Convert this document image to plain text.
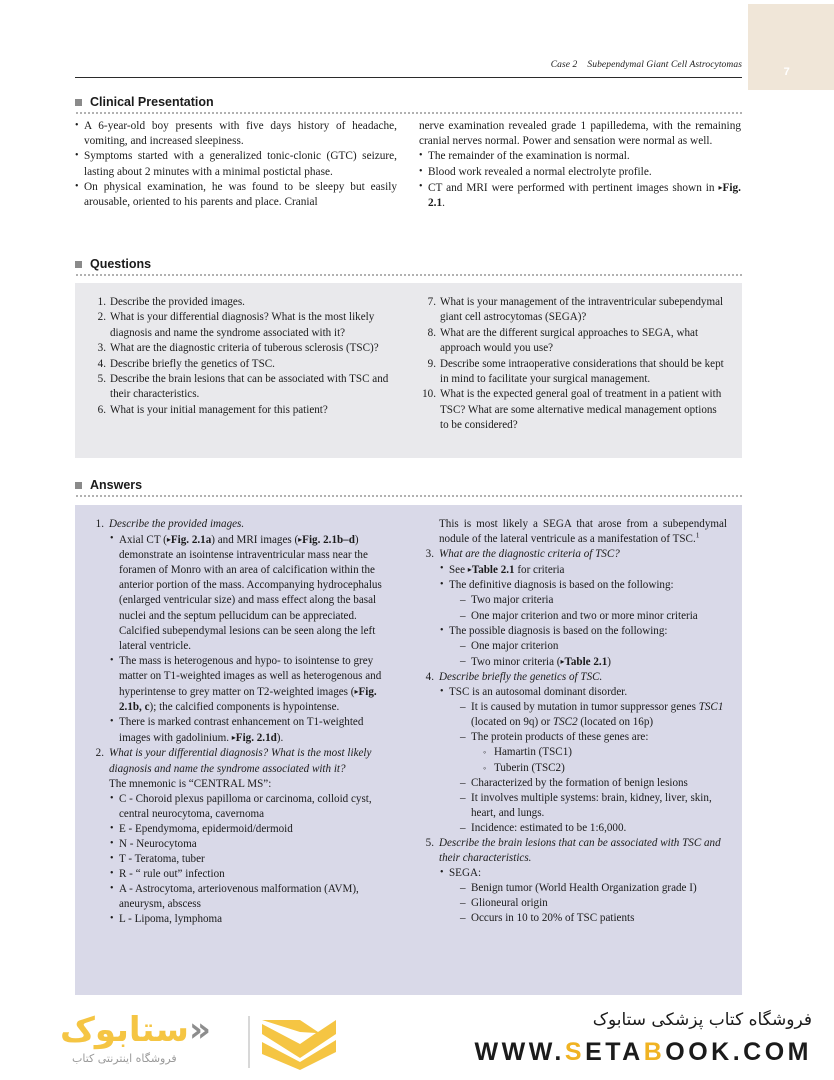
7
Case 2 Subependymal Giant Cell Astrocytomas
Clinical Presentation
• A 6-year-old boy presents with five days history of headache, vomiting, and increased sleepiness.
• Symptoms started with a generalized tonic-clonic (GTC) seizure, lasting about 2 minutes with a minimal postictal phase.
• On physical examination, he was found to be sleepy but easily arousable, oriented to his parents and place. Cranial
nerve examination revealed grade 1 papilledema, with the remaining cranial nerves normal. Power and sensation were normal as well.
• The remainder of the examination is normal.
• Blood work revealed a normal electrolyte profile.
• CT and MRI were performed with pertinent images shown in ▸Fig. 2.1.
Questions
1. Describe the provided images.
2. What is your differential diagnosis? What is the most likely diagnosis and name the syndrome associated with it?
3. What are the diagnostic criteria of tuberous sclerosis (TSC)?
4. Describe briefly the genetics of TSC.
5. Describe the brain lesions that can be associated with TSC and their characteristics.
6. What is your initial management for this patient?
7. What is your management of the intraventricular subependymal giant cell astrocytomas (SEGA)?
8. What are the different surgical approaches to SEGA, what approach would you use?
9. Describe some intraoperative considerations that should be kept in mind to facilitate your surgical management.
10. What is the expected general goal of treatment in a patient with TSC? What are some alternative medical management options to be considered?
Answers
1. Describe the provided images.
• Axial CT (▸Fig. 2.1a) and MRI images (▸Fig. 2.1b–d) demonstrate an isointense intraventricular mass near the foramen of Monro with an area of calcification within the anterior portion of the mass. Accompanying hydrocephalus (enlarged ventricular size) and mass effect along the basal nuclei and the septum pellucidum can be appreciated. Calcified subependymal lesions can be seen along the left lateral ventricle.
• The mass is heterogenous and hypo- to isointense to grey matter on T1-weighted images as well as heterogenous and hyperintense to grey matter on T2-weighted images (▸Fig. 2.1b, c); the calcified components is hypointense.
• There is marked contrast enhancement on T1-weighted images with gadolinium. ▸Fig. 2.1d).
2. What is your differential diagnosis? What is the most likely diagnosis and name the syndrome associated with it?
The mnemonic is “CENTRAL MS”:
• C - Choroid plexus papilloma or carcinoma, colloid cyst, central neurocytoma, cavernoma
• E - Ependymoma, epidermoid/dermoid
• N - Neurocytoma
• T - Teratoma, tuber
• R - “ rule out” infection
• A - Astrocytoma, arteriovenous malformation (AVM), aneurysm, abscess
• L - Lipoma, lymphoma
This is most likely a SEGA that arose from a subependymal nodule of the lateral ventricule as a manifestation of TSC.$^1$
3. What are the diagnostic criteria of TSC?
• See ▸Table 2.1 for criteria
• The definitive diagnosis is based on the following:
– Two major criteria
– One major criterion and two or more minor criteria
• The possible diagnosis is based on the following:
– One major criterion
– Two minor criteria (▸Table 2.1)
4. Describe briefly the genetics of TSC.
• TSC is an autosomal dominant disorder.
– It is caused by mutation in tumor suppressor genes TSC1 (located on 9q) or TSC2 (located on 16p)
– The protein products of these genes are:
◦ Hamartin (TSC1)
◦ Tuberin (TSC2)
– Characterized by the formation of benign lesions
– It involves multiple systems: brain, kidney, liver, skin, heart, and lungs.
– Incidence: estimated to be 1:6,000.
5. Describe the brain lesions that can be associated with TSC and their characteristics.
• SEGA:
– Benign tumor (World Health Organization grade I)
– Glioneural origin
– Occurs in 10 to 20% of TSC patients
«ستابوک
فروشگاه اینترنتی کتاب
فروشگاه کتاب پزشکی ستابوک
WWW.SETABOOK.COM
